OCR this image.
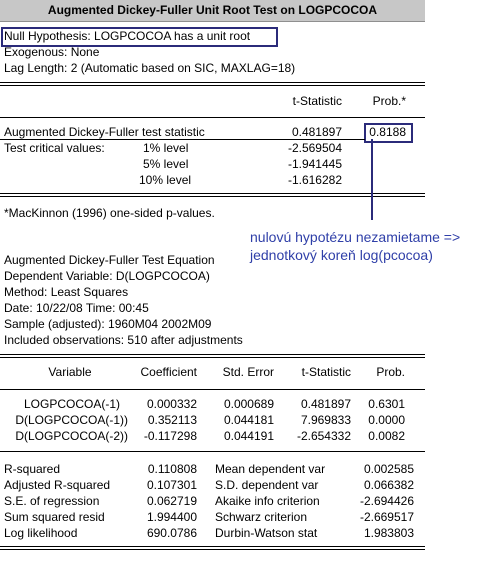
Augmented Dickey-Fuller Unit Root Test on LOGPCOCOA
Null Hypothesis: LOGPCOCOA has a unit root
Exogenous: None
Lag Length: 2 (Automatic based on SIC, MAXLAG=18)
t-Statistic	Prob.*
Augmented Dickey-Fuller test statistic	0.481897	0.8188
Test critical values:	1% level	-2.569504
5% level	-1.941445
10% level	-1.616282
*MacKinnon (1996) one-sided p-values.
nulovú hypotézu nezamietame =>
jednotkový koreň log(pcocoa)
Augmented Dickey-Fuller Test Equation
Dependent Variable: D(LOGPCOCOA)
Method: Least Squares
Date: 10/22/08 Time: 00:45
Sample (adjusted): 1960M04 2002M09
Included observations: 510 after adjustments
Variable	Coefficient	Std. Error	t-Statistic	Prob.
LOGPCOCOA(-1)	0.000332	0.000689	0.481897	0.6301
D(LOGPCOCOA(-1))	0.352113	0.044181	7.969833	0.0000
D(LOGPCOCOA(-2))	-0.117298	0.044191	-2.654332	0.0082
R-squared	0.110808 Mean dependent var	0.002585
Adjusted R-squared	0.107301 S.D. dependent var	0.066382
S.E. of regression	0.062719 Akaike info criterion	-2.694426
Sum squared resid	1.994400 Schwarz criterion	-2.669517
Log likelihood	690.0786 Durbin-Watson stat	1.983803
